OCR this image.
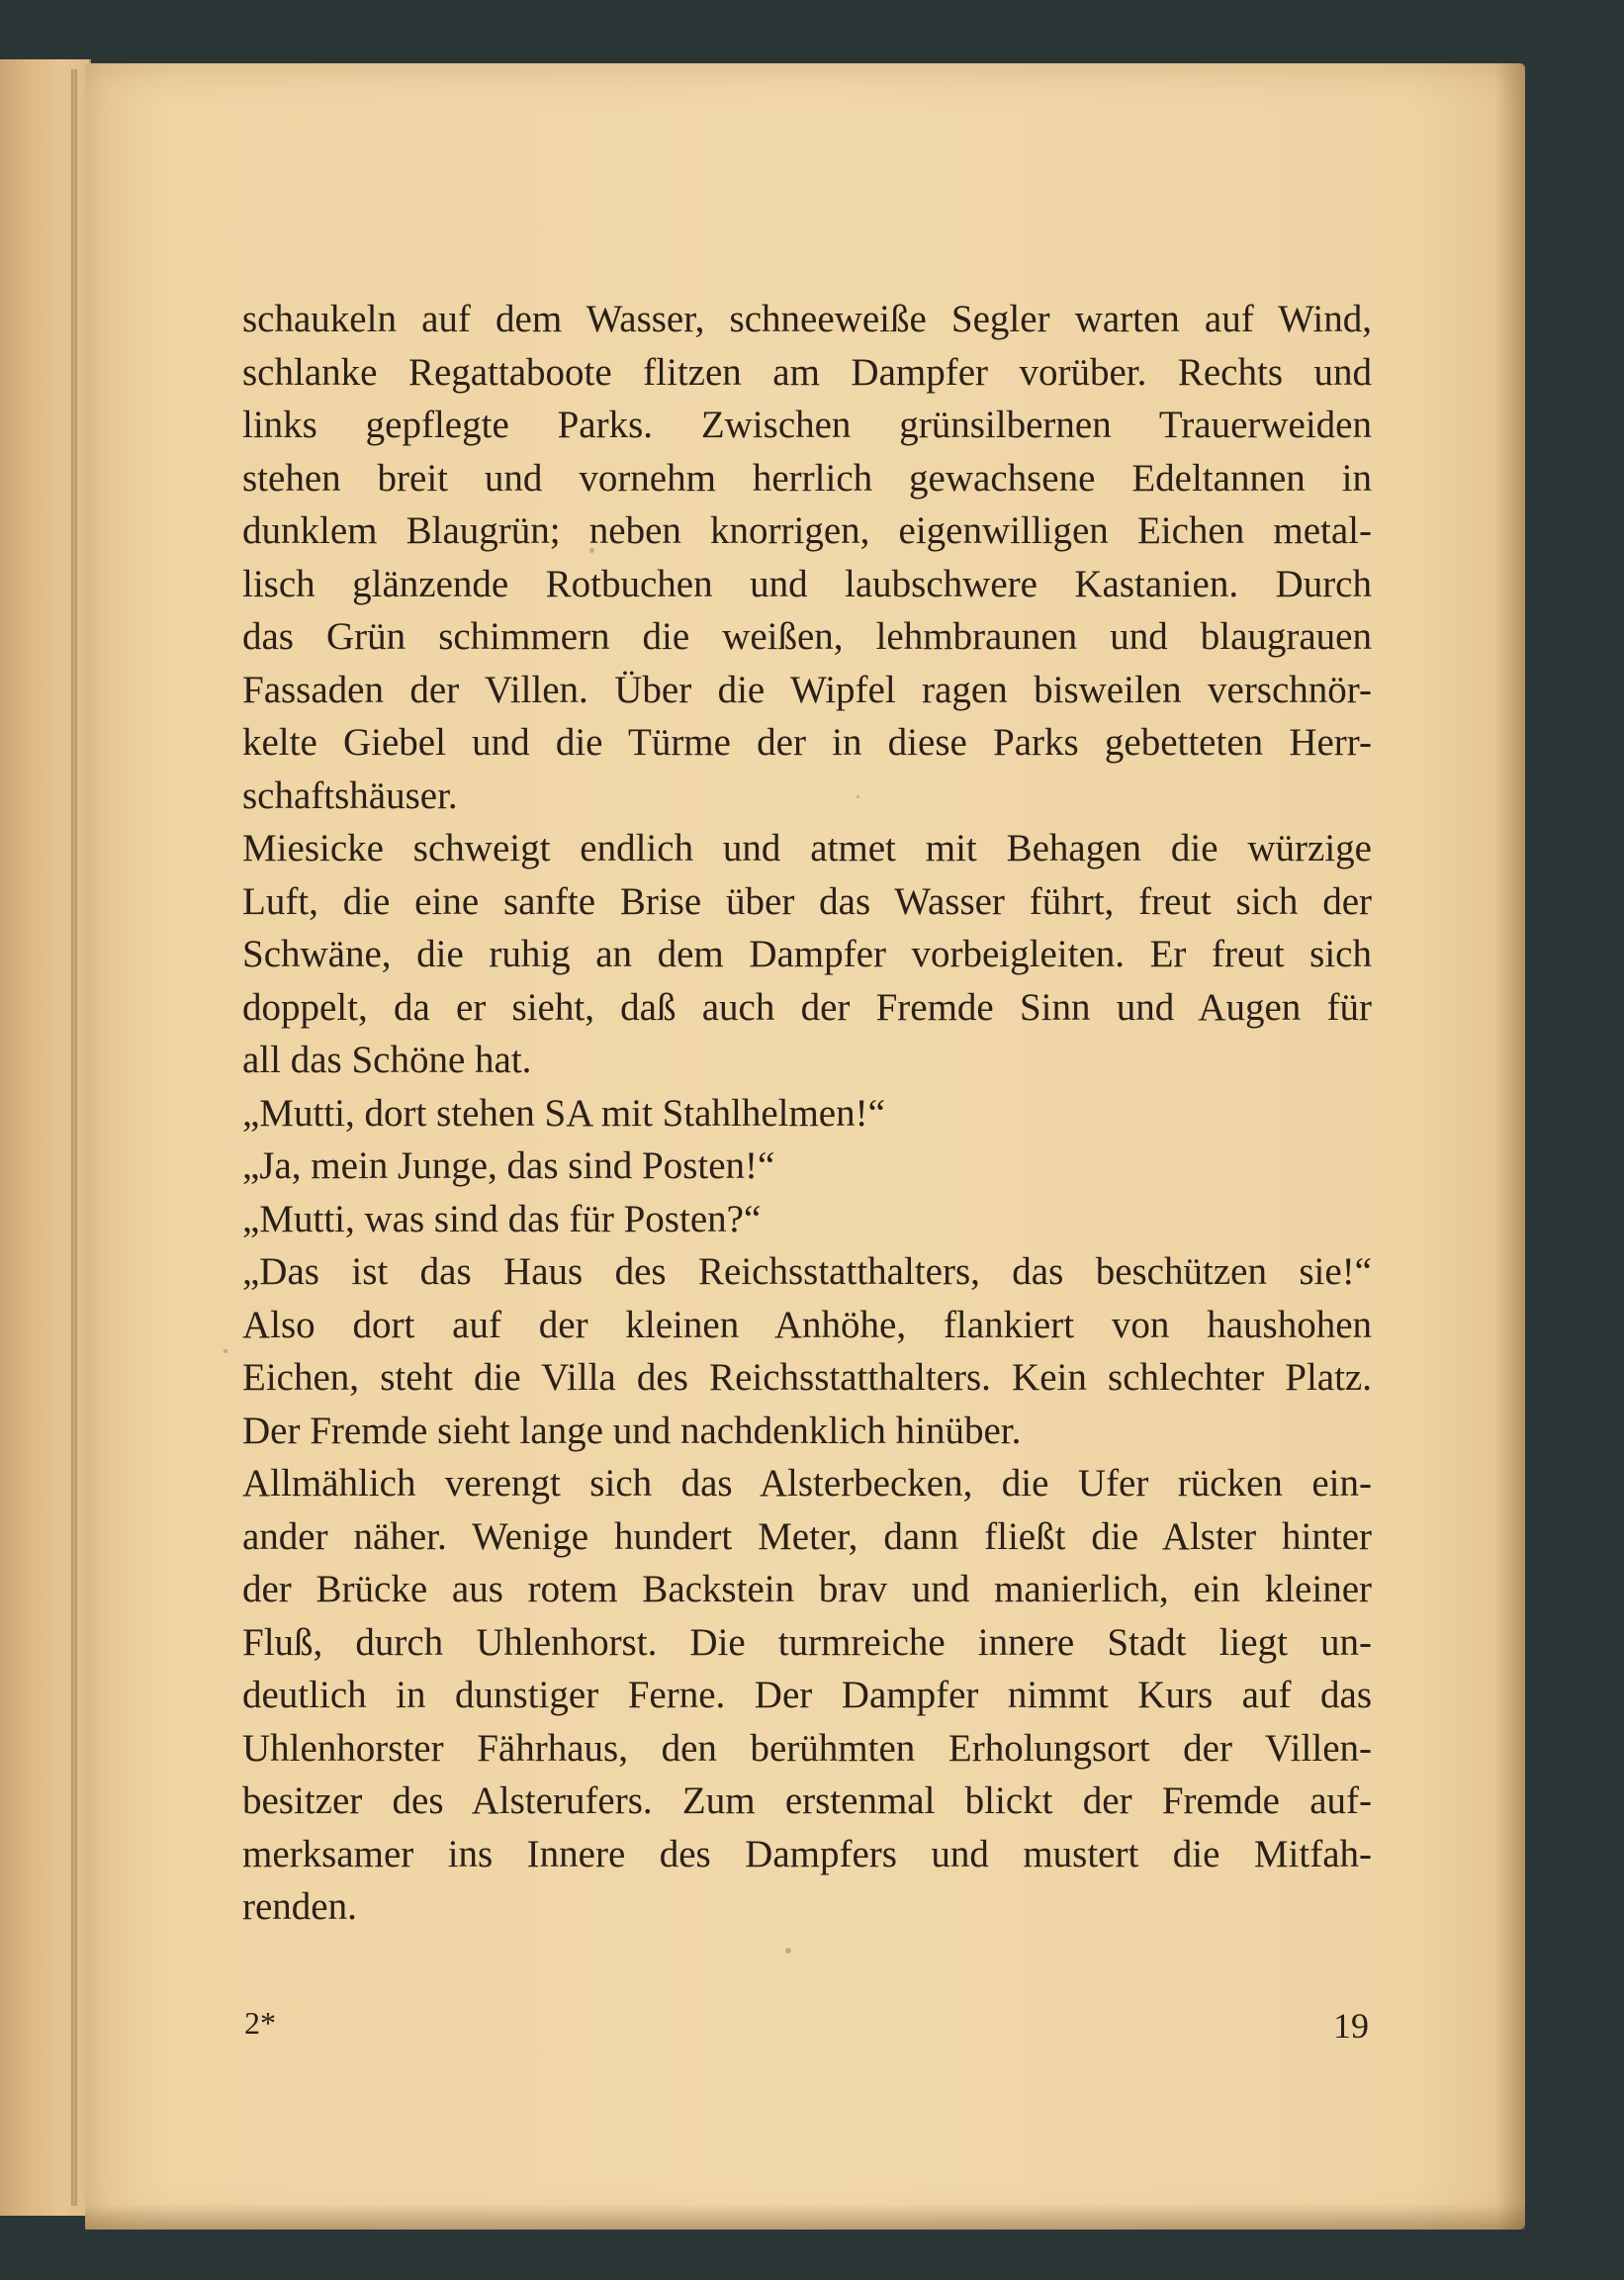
schaukeln auf dem Wasser, schneeweiße Segler warten auf Wind,
schlanke Regattaboote flitzen am Dampfer vorüber. Rechts und
links gepflegte Parks. Zwischen grünsilbernen Trauerweiden
stehen breit und vornehm herrlich gewachsene Edeltannen in
dunklem Blaugrün; neben knorrigen, eigenwilligen Eichen metal-
lisch glänzende Rotbuchen und laubschwere Kastanien. Durch
das Grün schimmern die weißen, lehmbraunen und blaugrauen
Fassaden der Villen. Über die Wipfel ragen bisweilen verschnör-
kelte Giebel und die Türme der in diese Parks gebetteten Herr-
schaftshäuser.
Miesicke schweigt endlich und atmet mit Behagen die würzige
Luft, die eine sanfte Brise über das Wasser führt, freut sich der
Schwäne, die ruhig an dem Dampfer vorbeigleiten. Er freut sich
doppelt, da er sieht, daß auch der Fremde Sinn und Augen für
all das Schöne hat.
„Mutti, dort stehen SA mit Stahlhelmen!“
„Ja, mein Junge, das sind Posten!“
„Mutti, was sind das für Posten?“
„Das ist das Haus des Reichsstatthalters, das beschützen sie!“
Also dort auf der kleinen Anhöhe, flankiert von haushohen
Eichen, steht die Villa des Reichsstatthalters. Kein schlechter Platz.
Der Fremde sieht lange und nachdenklich hinüber.
Allmählich verengt sich das Alsterbecken, die Ufer rücken ein-
ander näher. Wenige hundert Meter, dann fließt die Alster hinter
der Brücke aus rotem Backstein brav und manierlich, ein kleiner
Fluß, durch Uhlenhorst. Die turmreiche innere Stadt liegt un-
deutlich in dunstiger Ferne. Der Dampfer nimmt Kurs auf das
Uhlenhorster Fährhaus, den berühmten Erholungsort der Villen-
besitzer des Alsterufers. Zum erstenmal blickt der Fremde auf-
merksamer ins Innere des Dampfers und mustert die Mitfah-
renden.
2*	19
